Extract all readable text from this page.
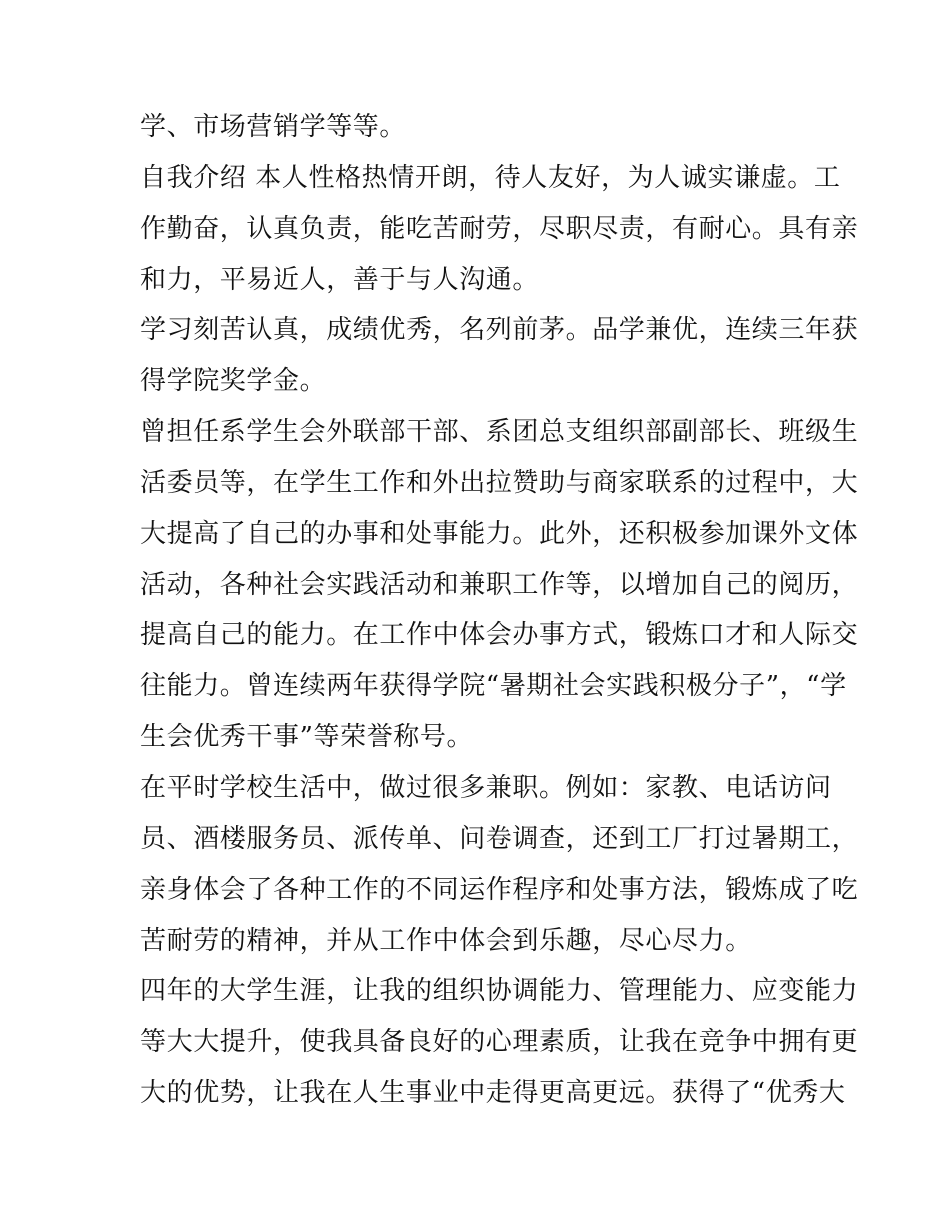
学、市场营销学等等。
自我介绍 本人性格热情开朗，待人友好，为人诚实谦虚。工
作勤奋，认真负责，能吃苦耐劳，尽职尽责，有耐心。具有亲
和力，平易近人，善于与人沟通。
学习刻苦认真，成绩优秀，名列前茅。品学兼优，连续三年获
得学院奖学金。
曾担任系学生会外联部干部、系团总支组织部副部长、班级生
活委员等，在学生工作和外出拉赞助与商家联系的过程中，大
大提高了自己的办事和处事能力。此外，还积极参加课外文体
活动，各种社会实践活动和兼职工作等，以增加自己的阅历，
提高自己的能力。在工作中体会办事方式，锻炼口才和人际交
往能力。曾连续两年获得学院“暑期社会实践积极分子”，“学
生会优秀干事”等荣誉称号。
在平时学校生活中，做过很多兼职。例如：家教、电话访问
员、酒楼服务员、派传单、问卷调查，还到工厂打过暑期工，
亲身体会了各种工作的不同运作程序和处事方法，锻炼成了吃
苦耐劳的精神，并从工作中体会到乐趣，尽心尽力。
四年的大学生涯，让我的组织协调能力、管理能力、应变能力
等大大提升，使我具备良好的心理素质，让我在竞争中拥有更
大的优势，让我在人生事业中走得更高更远。获得了“优秀大
